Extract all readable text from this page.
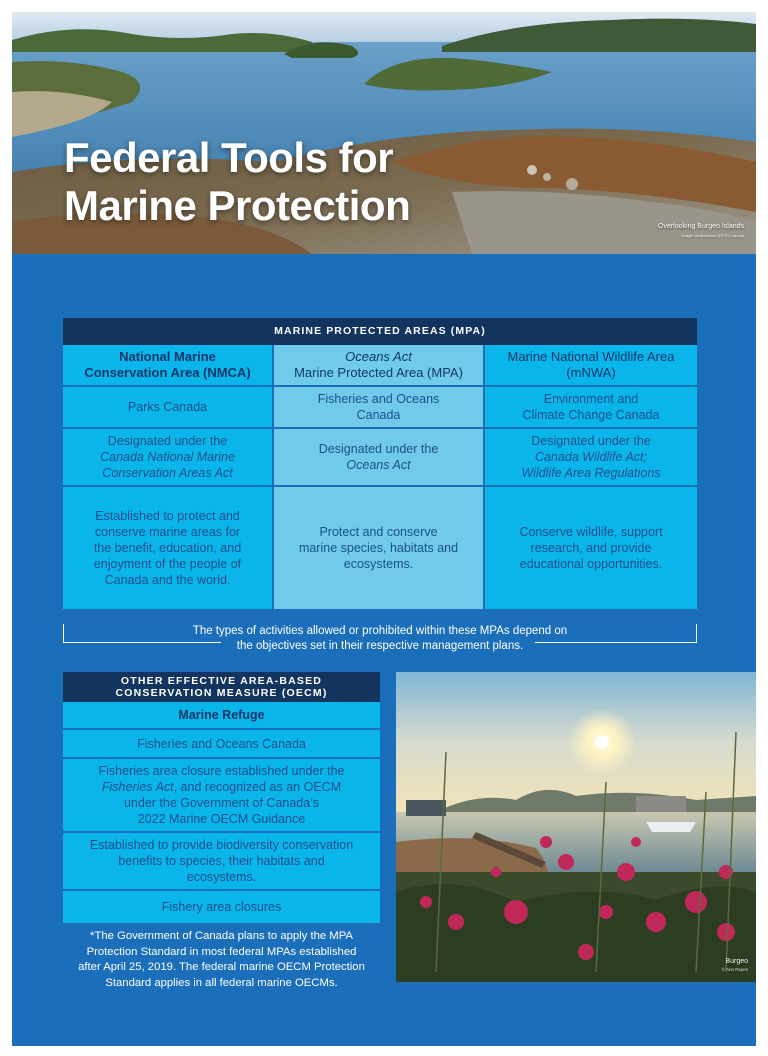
Federal Tools for
Marine Protection	Overlooking Burgeo Islands
Image credit/source (DFO) Canada
MARINE PROTECTED AREAS (MPA)
National Marine
Conservation Area (NMCA)
Oceans Act
Marine Protected Area (MPA)
Marine National Wildlife Area
(mNWA)
Parks Canada
Fisheries and Oceans
Canada
Environment and
Climate Change Canada
Designated under the
Canada National Marine
Conservation Areas Act
Designated under the
Oceans Act
Designated under the
Canada Wildlife Act;
Wildlife Area Regulations
Established to protect and
conserve marine areas for
the benefit, education, and
enjoyment of the people of
Canada and the world.
Protect and conserve
marine species, habitats and
ecosystems.
Conserve wildlife, support
research, and provide
educational opportunities.
The types of activities allowed or prohibited within these MPAs depend on
the objectives set in their respective management plans.
OTHER EFFECTIVE AREA-BASED
CONSERVATION MEASURE (OECM)
Marine Refuge
Fisheries and Oceans Canada
Fisheries area closure established under the
Fisheries Act, and recognized as an OECM
under the Government of Canada’s
2022 Marine OECM Guidance
Established to provide biodiversity conservation
benefits to species, their habitats and
ecosystems.
Fishery area closures
*The Government of Canada plans to apply the MPA
Protection Standard in most federal MPAs established
after April 25, 2019. The federal marine OECM Protection
Standard applies in all federal marine OECMs.
Burgeo
© Ann Reyes
